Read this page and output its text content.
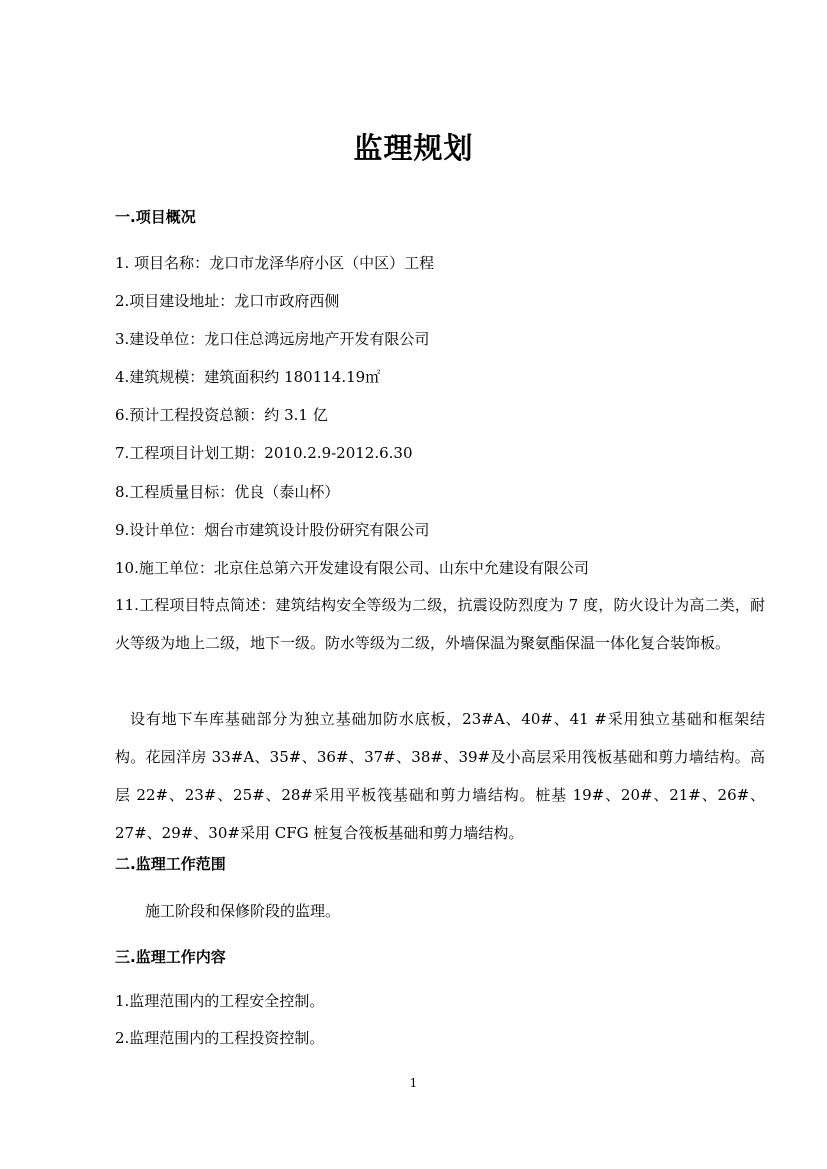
监理规划
一.项目概况
1. 项目名称：龙口市龙泽华府小区（中区）工程
2.项目建设地址：龙口市政府西侧
3.建设单位：龙口住总鸿远房地产开发有限公司
4.建筑规模：建筑面积约 180114.19㎡
6.预计工程投资总额：约 3.1 亿
7.工程项目计划工期：2010.2.9-2012.6.30
8.工程质量目标：优良（泰山杯）
9.设计单位：烟台市建筑设计股份研究有限公司
10.施工单位：北京住总第六开发建设有限公司、山东中允建设有限公司
11.工程项目特点简述：建筑结构安全等级为二级，抗震设防烈度为 7 度，防火设计为高二类，耐火等级为地上二级，地下一级。防水等级为二级，外墙保温为聚氨酯保温一体化复合装饰板。
设有地下车库基础部分为独立基础加防水底板，23#A、40#、41 #采用独立基础和框架结构。花园洋房 33#A、35#、36#、37#、38#、39#及小高层采用筏板基础和剪力墙结构。高层 22#、23#、25#、28#采用平板筏基础和剪力墙结构。桩基 19#、20#、21#、26#、27#、29#、30#采用 CFG 桩复合筏板基础和剪力墙结构。
二.监理工作范围
施工阶段和保修阶段的监理。
三.监理工作内容
1.监理范围内的工程安全控制。
2.监理范围内的工程投资控制。
1
